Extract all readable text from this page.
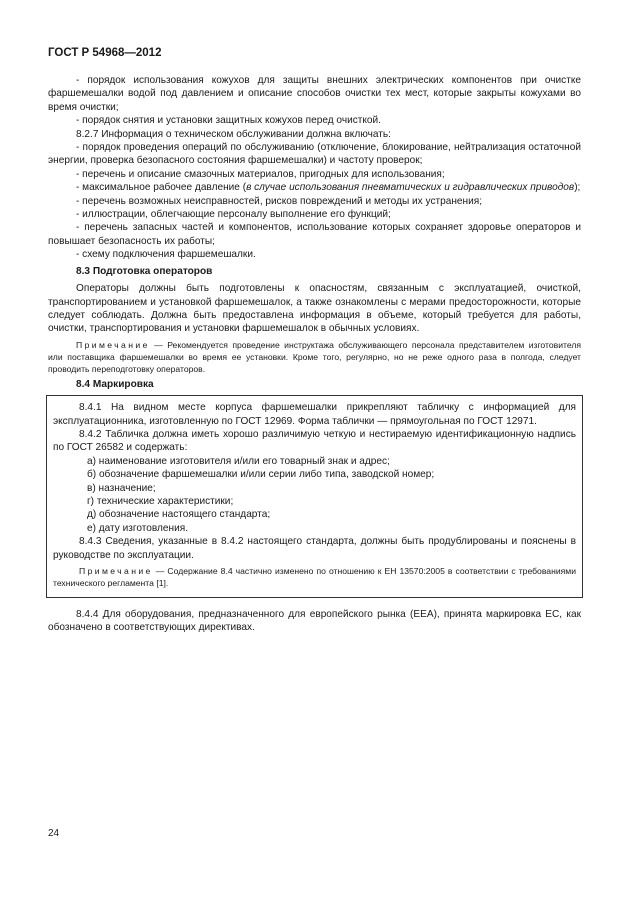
ГОСТ Р 54968—2012

- порядок использования кожухов для защиты внешних электрических компонентов при очистке фаршемешалки водой под давлением и описание способов очистки тех мест, которые закрыты кожухами во время очистки;

- порядок снятия и установки защитных кожухов перед очисткой.

8.2.7 Информация о техническом обслуживании должна включать:

- порядок проведения операций по обслуживанию (отключение, блокирование, нейтрализация остаточной энергии, проверка безопасного состояния фаршемешалки) и частоту проверок;

- перечень и описание смазочных материалов, пригодных для использования;

- максимальное рабочее давление (в случае использования пневматических и гидравлических приводов);

- перечень возможных неисправностей, рисков повреждений и методы их устранения;

- иллюстрации, облегчающие персоналу выполнение его функций;

- перечень запасных частей и компонентов, использование которых сохраняет здоровье операторов и повышает безопасность их работы;

- схему подключения фаршемешалки.

8.3 Подготовка операторов

Операторы должны быть подготовлены к опасностям, связанным с эксплуатацией, очисткой, транспортированием и установкой фаршемешалок, а также ознакомлены с мерами предосторожности, которые следует соблюдать. Должна быть предоставлена информация в объеме, который требуется для работы, очистки, транспортирования и установки фаршемешалок в обычных условиях.

Примечание — Рекомендуется проведение инструктажа обслуживающего персонала представителем изготовителя или поставщика фаршемешалки во время ее установки. Кроме того, регулярно, но не реже одного раза в полгода, следует проводить переподготовку операторов.

8.4 Маркировка

8.4.1 На видном месте корпуса фаршемешалки прикрепляют табличку с информацией для эксплуатационника, изготовленную по ГОСТ 12969. Форма таблички — прямоугольная по ГОСТ 12971.

8.4.2 Табличка должна иметь хорошо различимую четкую и нестираемую идентификационную надпись по ГОСТ 26582 и содержать:

а) наименование изготовителя и/или его товарный знак и адрес;

б) обозначение фаршемешалки и/или серии либо типа, заводской номер;

в) назначение;

г) технические характеристики;

д) обозначение настоящего стандарта;

е) дату изготовления.

8.4.3 Сведения, указанные в 8.4.2 настоящего стандарта, должны быть продублированы и пояснены в руководстве по эксплуатации.

Примечание — Содержание 8.4 частично изменено по отношению к ЕН 13570:2005 в соответствии с требованиями технического регламента [1].

8.4.4 Для оборудования, предназначенного для европейского рынка (ЕЕА), принята маркировка ЕС, как обозначено в соответствующих директивах.

24
